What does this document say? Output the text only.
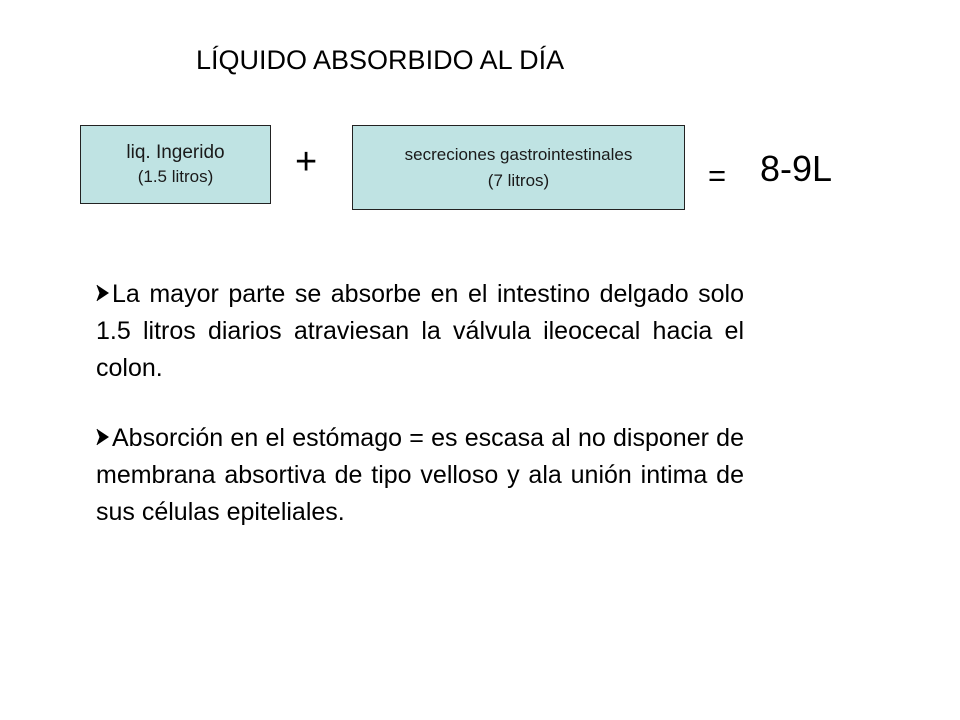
LÍQUIDO ABSORBIDO AL DÍA
liq. Ingerido
(1.5 litros) +	secreciones gastrointestinales
(7 litros)	= 8-9L

La mayor parte se absorbe en el intestino delgado solo 1.5 litros diarios atraviesan la válvula ileocecal hacia el colon.

Absorción en el estómago = es escasa al no disponer de membrana absortiva de tipo velloso y ala unión intima de sus células epiteliales.
